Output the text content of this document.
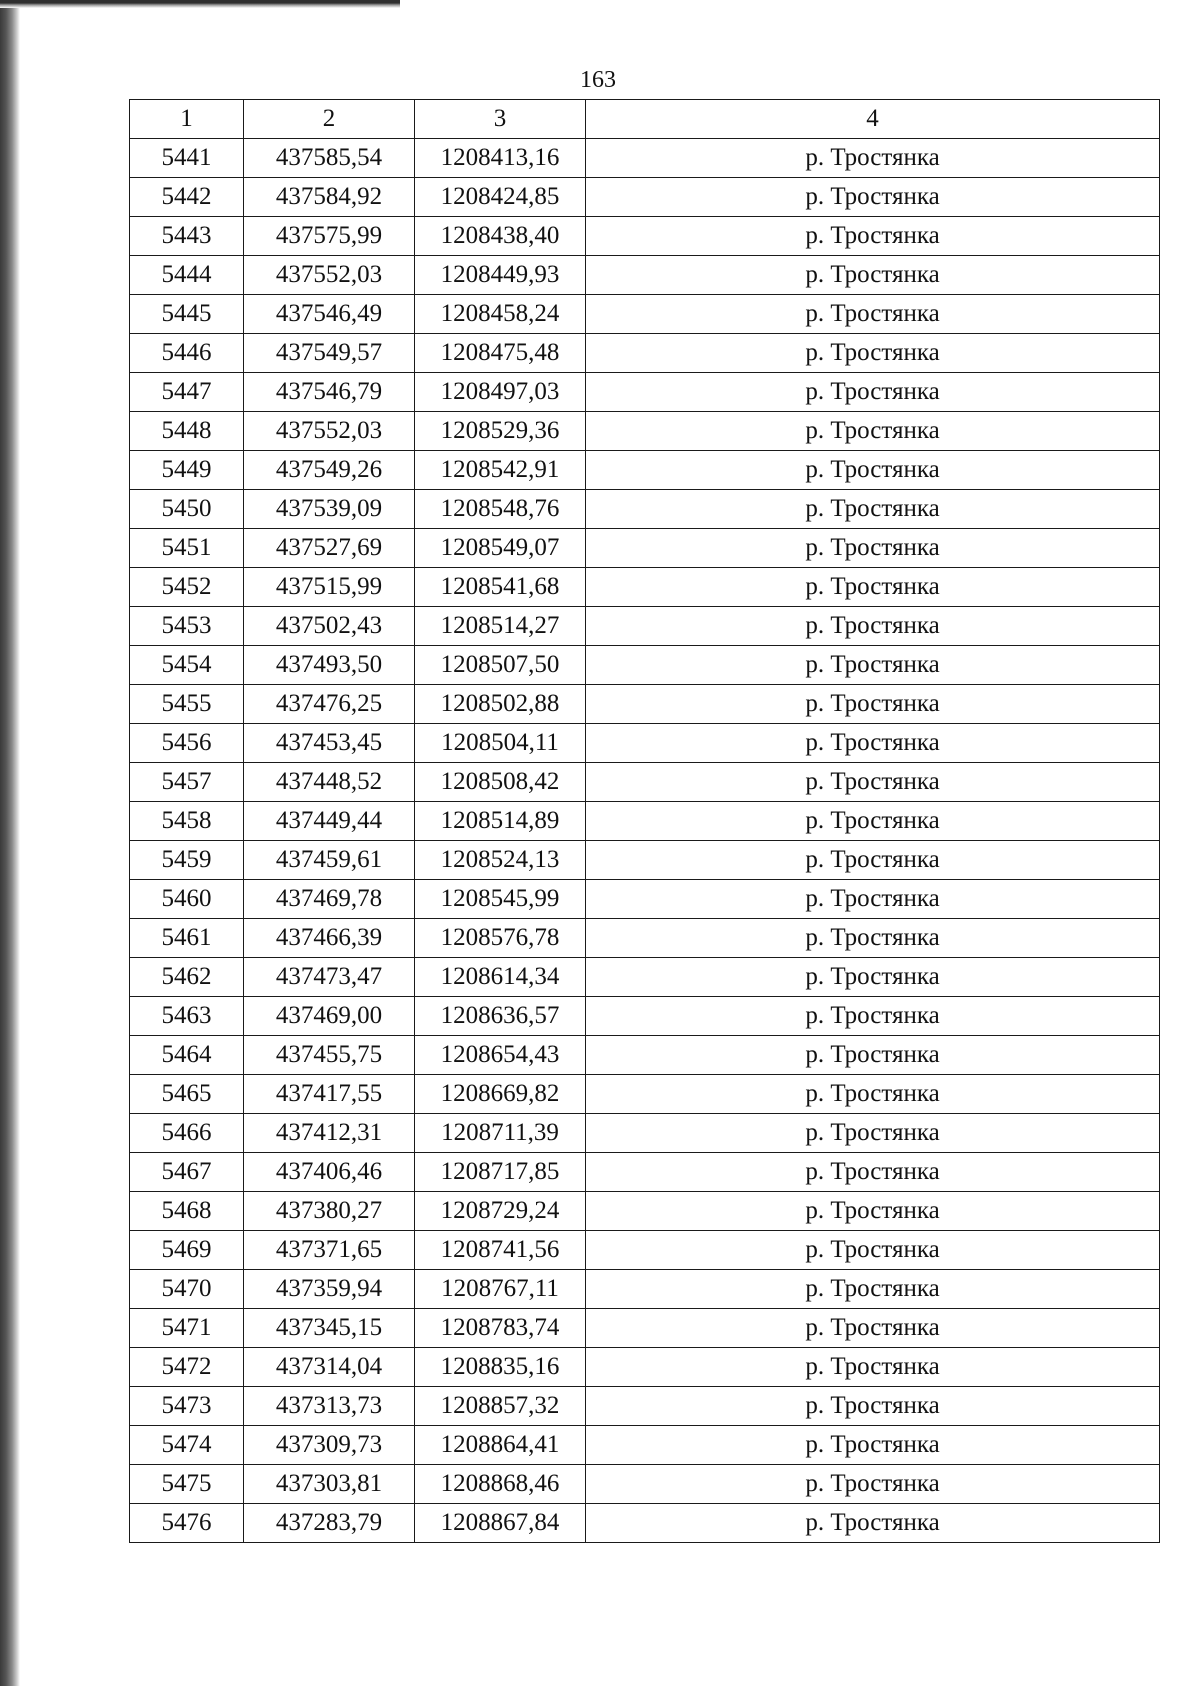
163
1	2	3	4
5441	437585,54	1208413,16	р. Тростянка
5442	437584,92	1208424,85	р. Тростянка
5443	437575,99	1208438,40	р. Тростянка
5444	437552,03	1208449,93	р. Тростянка
5445	437546,49	1208458,24	р. Тростянка
5446	437549,57	1208475,48	р. Тростянка
5447	437546,79	1208497,03	р. Тростянка
5448	437552,03	1208529,36	р. Тростянка
5449	437549,26	1208542,91	р. Тростянка
5450	437539,09	1208548,76	р. Тростянка
5451	437527,69	1208549,07	р. Тростянка
5452	437515,99	1208541,68	р. Тростянка
5453	437502,43	1208514,27	р. Тростянка
5454	437493,50	1208507,50	р. Тростянка
5455	437476,25	1208502,88	р. Тростянка
5456	437453,45	1208504,11	р. Тростянка
5457	437448,52	1208508,42	р. Тростянка
5458	437449,44	1208514,89	р. Тростянка
5459	437459,61	1208524,13	р. Тростянка
5460	437469,78	1208545,99	р. Тростянка
5461	437466,39	1208576,78	р. Тростянка
5462	437473,47	1208614,34	р. Тростянка
5463	437469,00	1208636,57	р. Тростянка
5464	437455,75	1208654,43	р. Тростянка
5465	437417,55	1208669,82	р. Тростянка
5466	437412,31	1208711,39	р. Тростянка
5467	437406,46	1208717,85	р. Тростянка
5468	437380,27	1208729,24	р. Тростянка
5469	437371,65	1208741,56	р. Тростянка
5470	437359,94	1208767,11	р. Тростянка
5471	437345,15	1208783,74	р. Тростянка
5472	437314,04	1208835,16	р. Тростянка
5473	437313,73	1208857,32	р. Тростянка
5474	437309,73	1208864,41	р. Тростянка
5475	437303,81	1208868,46	р. Тростянка
5476	437283,79	1208867,84	р. Тростянка
